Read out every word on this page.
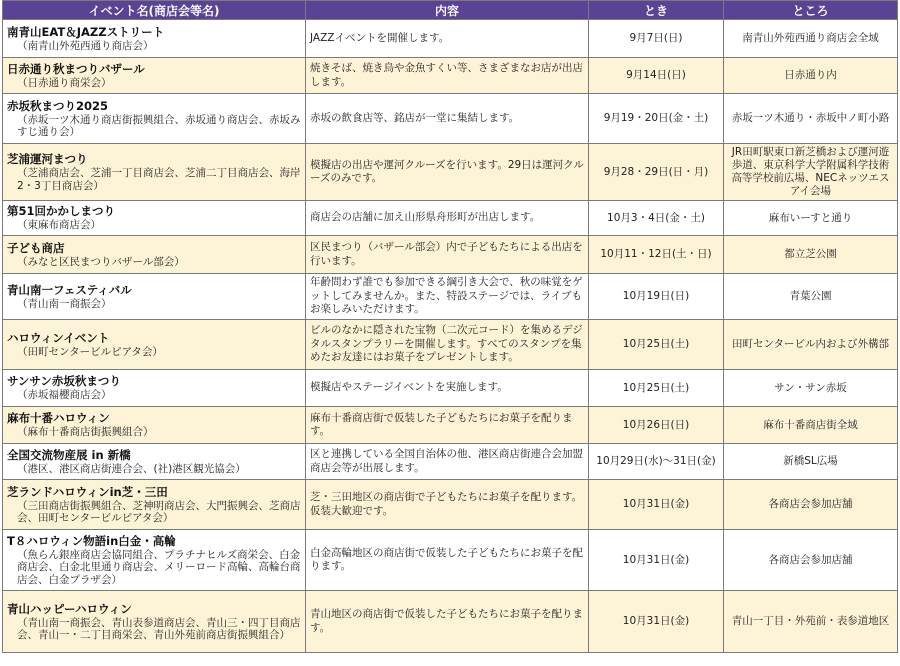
イベント名(商店会等名)	内容	とき	ところ

南青山EAT＆JAZZストリート
（南青山外苑西通り商店会）	JAZZイベントを開催します。	9月7日(日)	南青山外苑西通り商店会全域

日赤通り秋まつりバザール
（日赤通り商栄会）	焼きそば、焼き鳥や金魚すくい等、さまざまなお店が出店します。	9月14日(日)	日赤通り内

赤坂秋まつり2025
（赤坂一ツ木通り商店街振興組合、赤坂通り商店会、赤坂みすじ通り会）	赤坂の飲食店等、銘店が一堂に集結します。	9月19・20日(金・土)	赤坂一ツ木通り・赤坂中ノ町小路

芝浦運河まつり
（芝浦商店会、芝浦一丁目商店会、芝浦二丁目商店会、海岸2・3丁目商店会）	模擬店の出店や運河クルーズを行います。29日は運河クルーズのみです。	9月28・29日(日・月)	JR田町駅東口新芝橋および運河遊歩道、東京科学大学附属科学技術高等学校前広場、NECネッツエスアイ会場

第51回かかしまつり
（東麻布商店会）	商店会の店舗に加え山形県舟形町が出店します。	10月3・4日(金・土)	麻布いーすと通り

子ども商店
（みなと区民まつりバザール部会）	区民まつり（バザール部会）内で子どもたちによる出店を行います。	10月11・12日(土・日)	都立芝公園

青山南一フェスティバル
（青山南一商振会）	年齢問わず誰でも参加できる綱引き大会で、秋の味覚をゲットしてみませんか。また、特設ステージでは、ライブもお楽しみいただけます。	10月19日(日)	青葉公園

ハロウィンイベント
（田町センタービルピアタ会）	ビルのなかに隠された宝物（二次元コード）を集めるデジタルスタンプラリーを開催します。すべてのスタンプを集めたお友達にはお菓子をプレゼントします。	10月25日(土)	田町センタービル内および外構部

サンサン赤坂秋まつり
（赤坂福櫻商店会）	模擬店やステージイベントを実施します。	10月25日(土)	サン・サン赤坂

麻布十番ハロウィン
（麻布十番商店街振興組合）	麻布十番商店街で仮装した子どもたちにお菓子を配ります。	10月26日(日)	麻布十番商店街全域

全国交流物産展 in 新橋
（港区、港区商店街連合会、(社)港区観光協会）	区と連携している全国自治体の他、港区商店街連合会加盟商店会等が出展します。	10月29日(水)～31日(金)	新橋SL広場

芝ランドハロウィンin芝・三田
（三田商店街振興組合、芝神明商店会、大門振興会、芝商店会、田町センタービルピアタ会）	芝・三田地区の商店街で子どもたちにお菓子を配ります。仮装大歓迎です。	10月31日(金)	各商店会参加店舗

T８ハロウィン物語in白金・高輪
（魚らん銀座商店会協同組合、プラチナヒルズ商栄会、白金商店会、白金北里通り商店会、メリーロード高輪、高輪台商店会、白金プラザ会）	白金高輪地区の商店街で仮装した子どもたちにお菓子を配ります。	10月31日(金)	各商店会参加店舗

青山ハッピーハロウィン
（青山南一商振会、青山表参道商店会、青山三・四丁目商店会、青山一・二丁目商栄会、青山外苑前商店街振興組合）	青山地区の商店街で仮装した子どもたちにお菓子を配ります。	10月31日(金)	青山一丁目・外苑前・表参道地区
